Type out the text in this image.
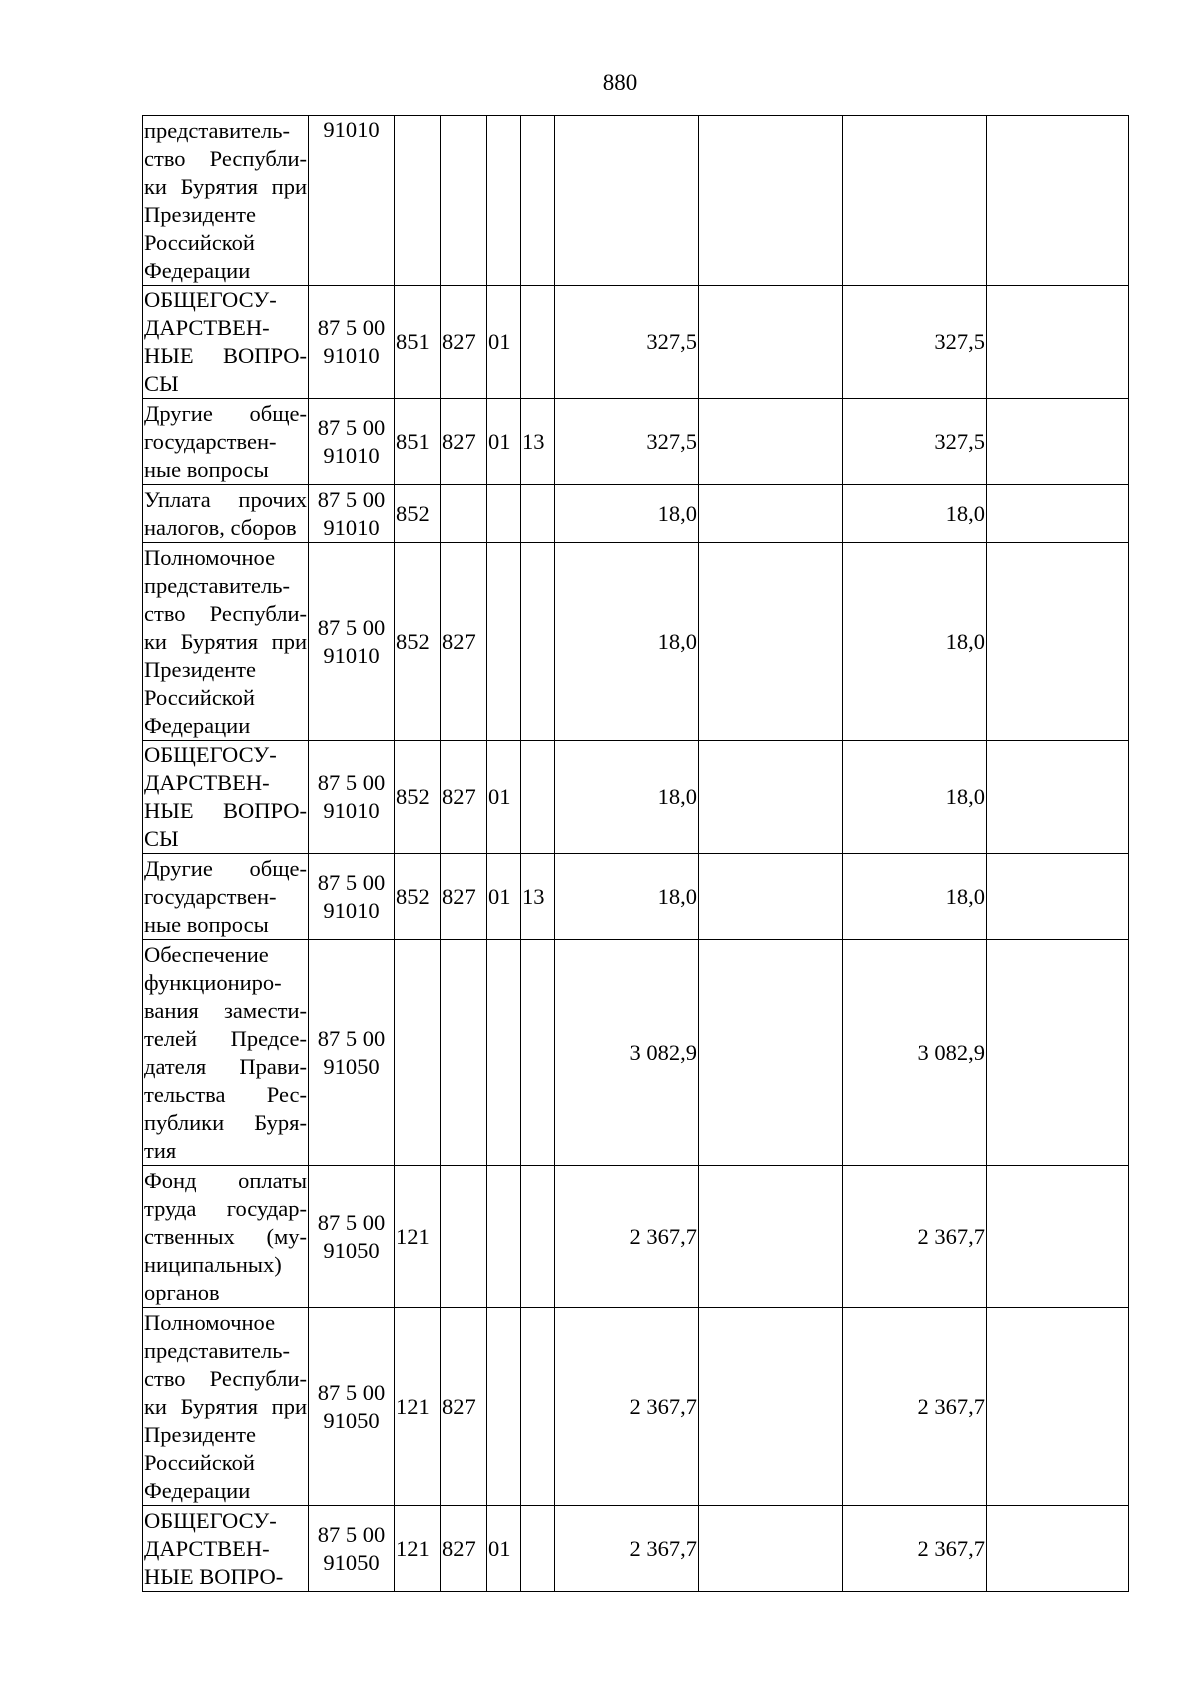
880
представитель-ство Республи-ки Бурятия при Президенте Российской Федерации	91010								
ОБЩЕГОСУ-ДАРСТВЕН-НЫЕ ВОПРО-СЫ	87 5 00 91010	851	827	01		327,5		327,5	
Другие обще-государствен-ные вопросы	87 5 00 91010	851	827	01	13	327,5		327,5	
Уплата прочих налогов, сборов	87 5 00 91010	852				18,0		18,0	
Полномочное представитель-ство Республи-ки Бурятия при Президенте Российской Федерации	87 5 00 91010	852	827			18,0		18,0	
ОБЩЕГОСУ-ДАРСТВЕН-НЫЕ ВОПРО-СЫ	87 5 00 91010	852	827	01		18,0		18,0	
Другие обще-государствен-ные вопросы	87 5 00 91010	852	827	01	13	18,0		18,0	
Обеспечение функциониро-вания замести-телей Предсе-дателя Прави-тельства Рес-публики Буря-тия	87 5 00 91050					3 082,9		3 082,9	
Фонд оплаты труда государ-ственных (му-ниципальных) органов	87 5 00 91050	121				2 367,7		2 367,7	
Полномочное представитель-ство Республи-ки Бурятия при Президенте Российской Федерации	87 5 00 91050	121	827			2 367,7		2 367,7	
ОБЩЕГОСУ-ДАРСТВЕН-НЫЕ ВОПРО-	87 5 00 91050	121	827	01		2 367,7		2 367,7	
